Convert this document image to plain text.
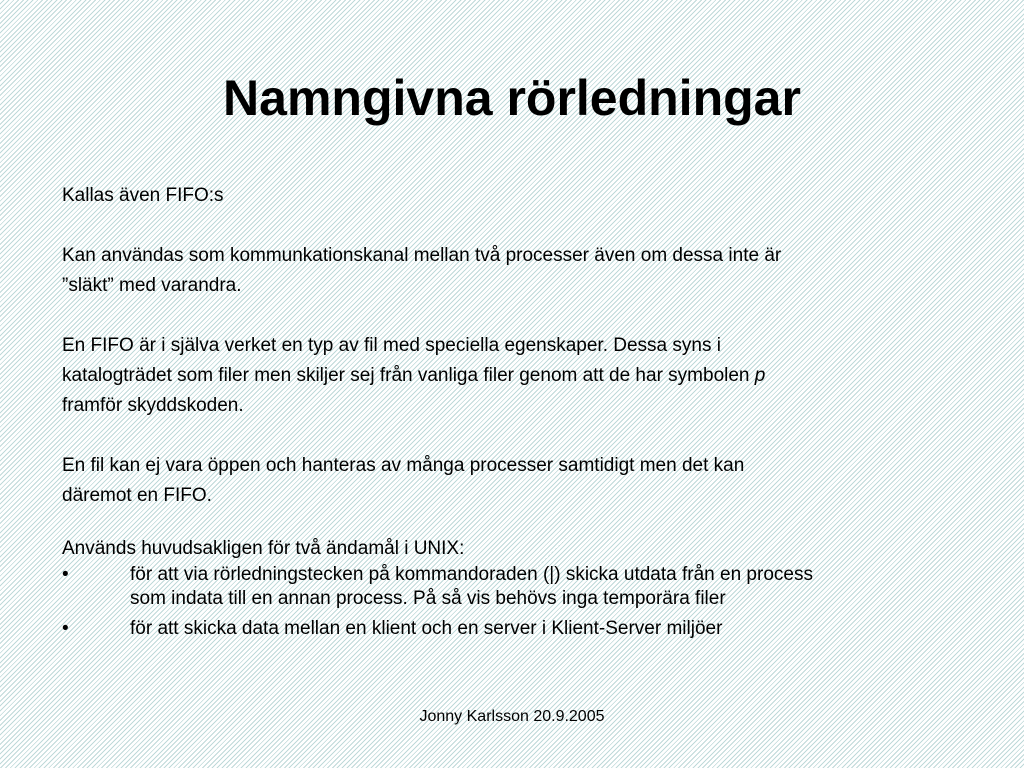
Namngivna rörledningar

Kallas även FIFO:s

Kan användas som kommunkationskanal mellan två processer även om dessa inte är

”släkt” med varandra.

En FIFO är i själva verket en typ av fil med speciella egenskaper. Dessa syns i

katalogträdet som filer men skiljer sej från vanliga filer genom att de har symbolen p

framför skyddskoden.

En fil kan ej vara öppen och hanteras av många processer samtidigt men det kan

däremot en FIFO.

Används huvudsakligen för två ändamål i UNIX:

•	för att via rörledningstecken på kommandoraden (|) skicka utdata från en process
som indata till en annan process. På så vis behövs inga temporära filer
•	för att skicka data mellan en klient och en server i Klient-Server miljöer
Jonny Karlsson 20.9.2005
